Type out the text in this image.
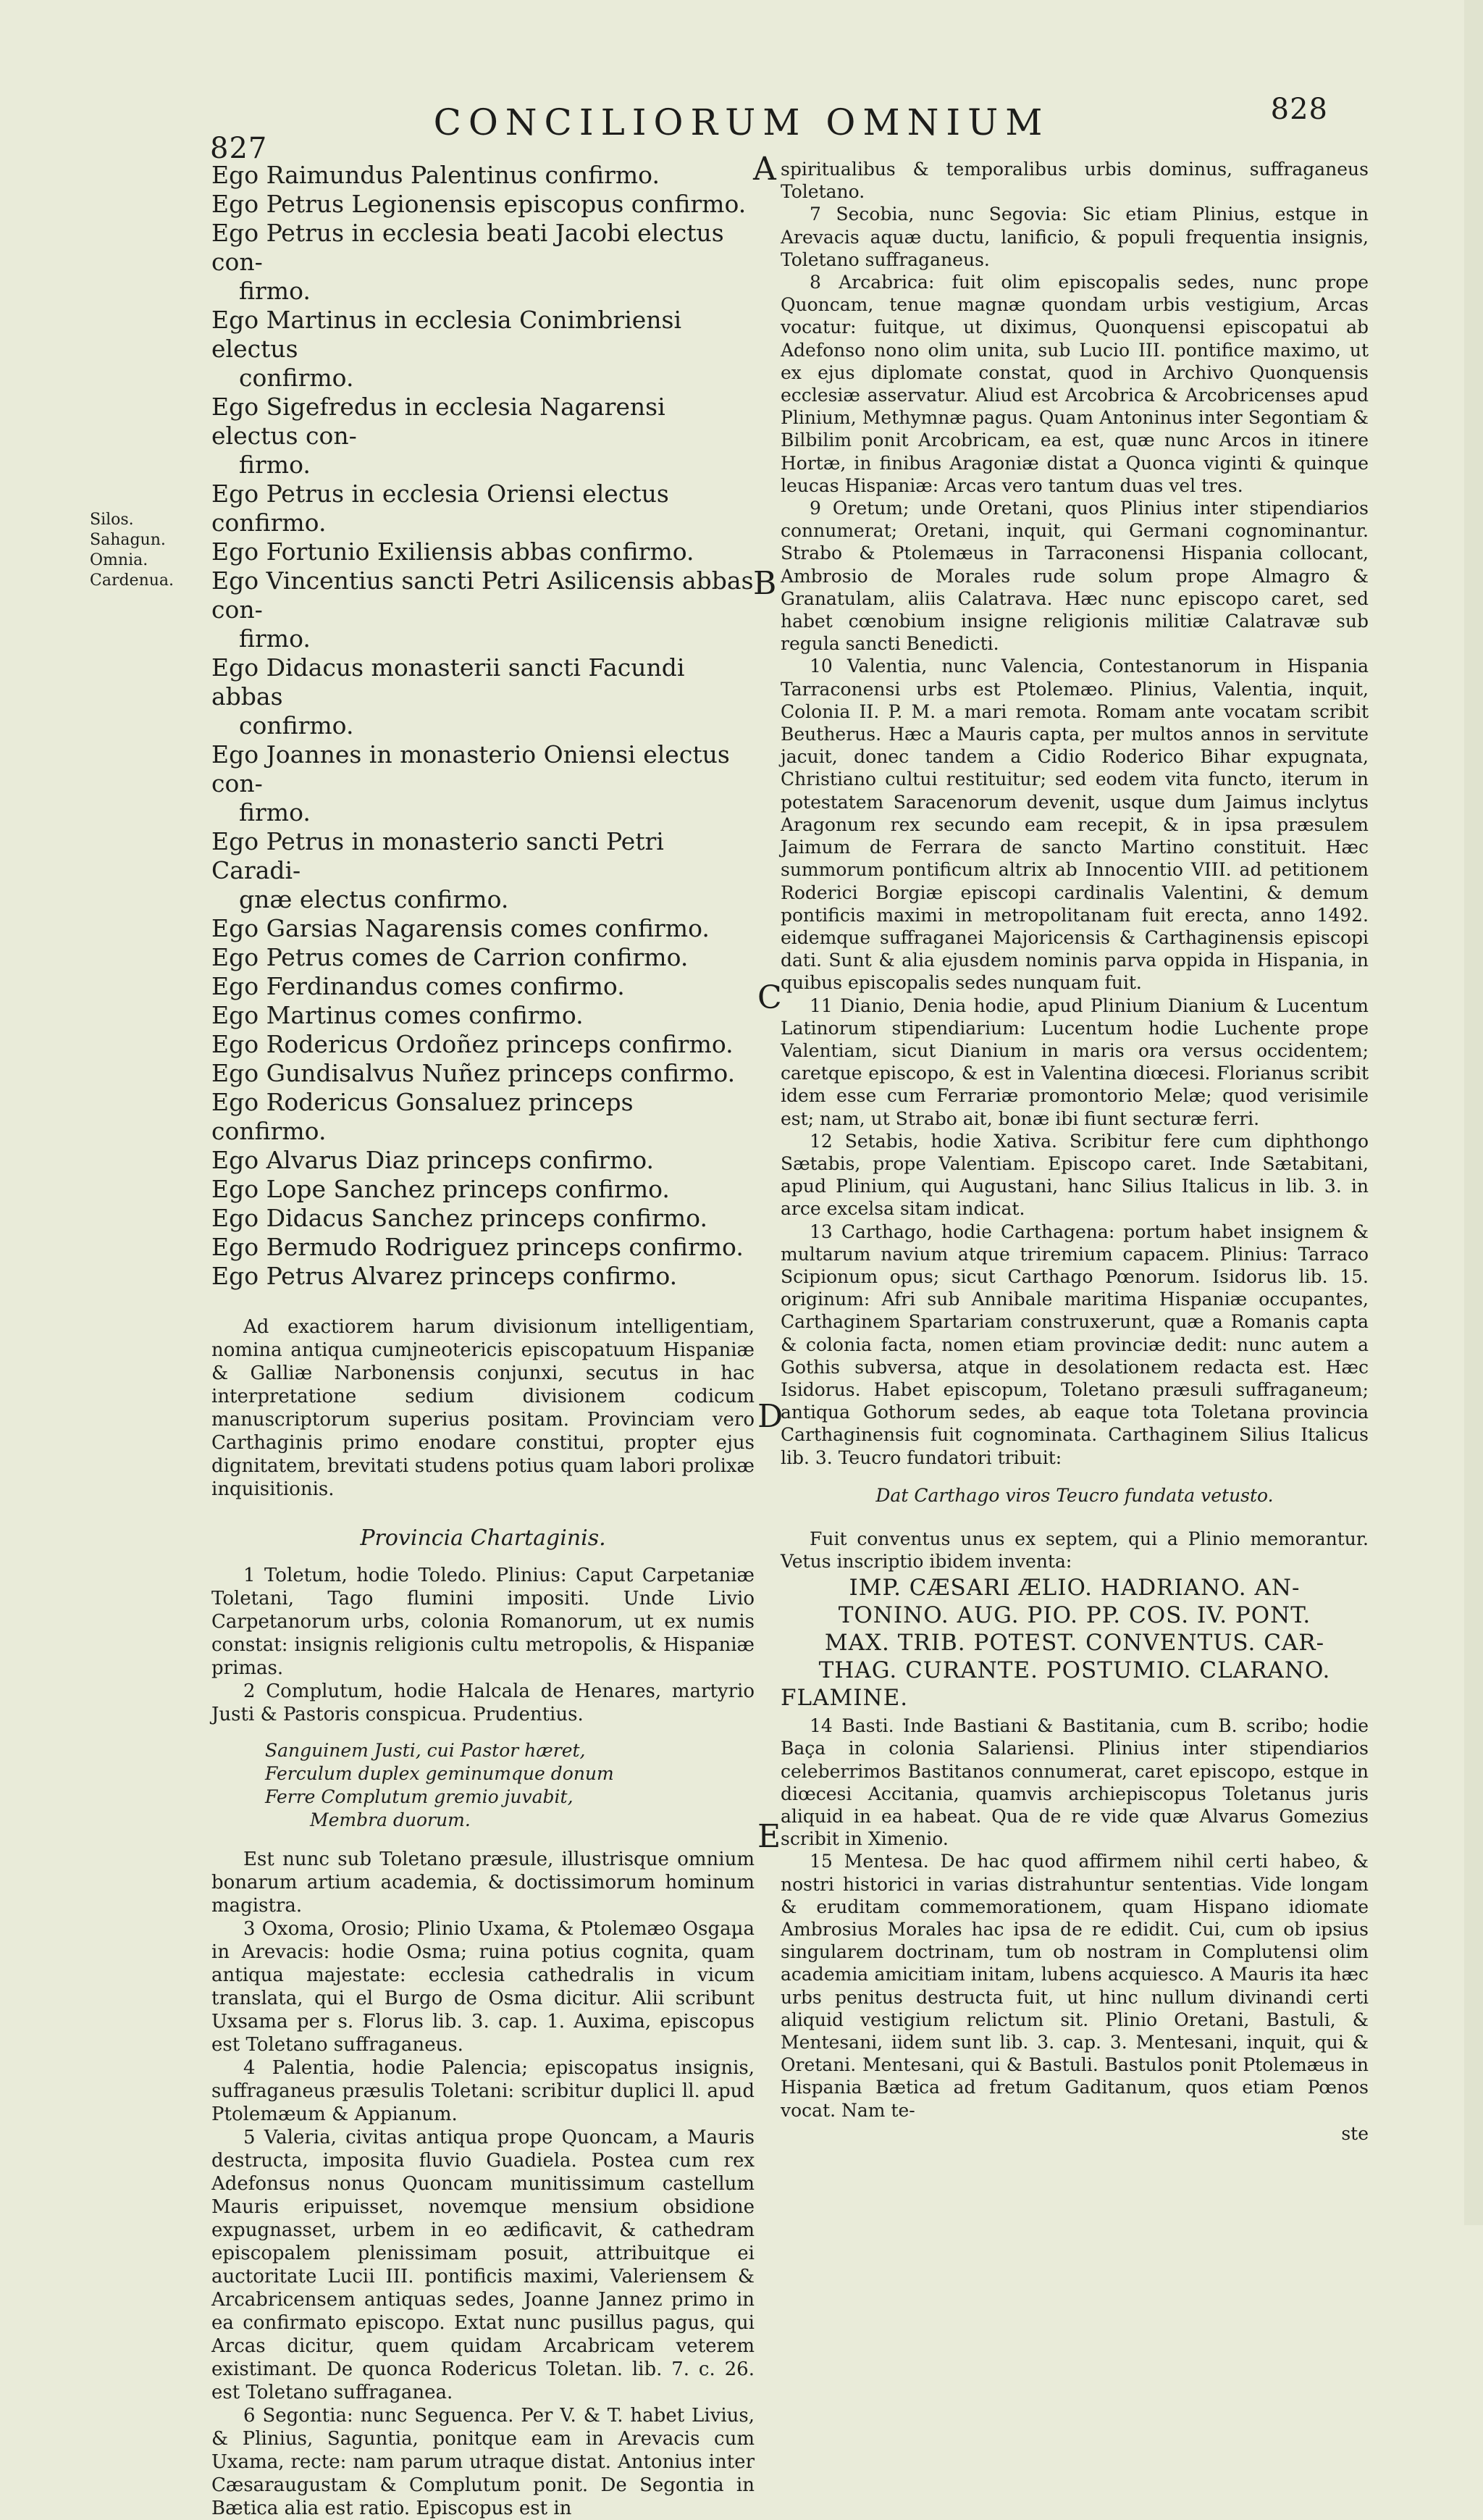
827
CONCILIORUM OMNIUM	828
Silos.
Sahagun.
Omnia.
Cardenua.
A
B
C
D
E
Ego Raimundus Palentinus confirmo.
Ego Petrus Legionensis episcopus confirmo.
Ego Petrus in ecclesia beati Jacobi electus con-
firmo.
Ego Martinus in ecclesia Conimbriensi electus
confirmo.
Ego Sigefredus in ecclesia Nagarensi electus con-
firmo.
Ego Petrus in ecclesia Oriensi electus confirmo.
Ego Fortunio Exiliensis abbas confirmo.
Ego Vincentius sancti Petri Asilicensis abbas con-
firmo.
Ego Didacus monasterii sancti Facundi abbas
confirmo.
Ego Joannes in monasterio Oniensi electus con-
firmo.
Ego Petrus in monasterio sancti Petri Caradi-
gnæ electus confirmo.
Ego Garsias Nagarensis comes confirmo.
Ego Petrus comes de Carrion confirmo.
Ego Ferdinandus comes confirmo.
Ego Martinus comes confirmo.
Ego Rodericus Ordoñez princeps confirmo.
Ego Gundisalvus Nuñez princeps confirmo.
Ego Rodericus Gonsaluez princeps confirmo.
Ego Alvarus Diaz princeps confirmo.
Ego Lope Sanchez princeps confirmo.
Ego Didacus Sanchez princeps confirmo.
Ego Bermudo Rodriguez princeps confirmo.
Ego Petrus Alvarez princeps confirmo.

Ad exactiorem harum divisionum intelligentiam, nomina antiqua cumjneotericis episcopatuum Hispaniæ & Galliæ Narbonensis conjunxi, secutus in hac interpretatione sedium divisionem codicum manuscriptorum superius positam. Provinciam vero Carthaginis primo enodare constitui, propter ejus dignitatem, brevitati studens potius quam labori prolixæ inquisitionis.

Provincia Chartaginis.

1 Toletum, hodie Toledo. Plinius: Caput Carpetaniæ Toletani, Tago flumini impositi. Unde Livio Carpetanorum urbs, colonia Romanorum, ut ex numis constat: insignis religionis cultu metropolis, & Hispaniæ primas.

2 Complutum, hodie Halcala de Henares, martyrio Justi & Pastoris conspicua. Prudentius.

Sanguinem Justi, cui Pastor hæret,
Ferculum duplex geminumque donum
Ferre Complutum gremio juvabit,
Membra duorum.

Est nunc sub Toletano præsule, illustrisque omnium bonarum artium academia, & doctissimorum hominum magistra.

3 Oxoma, Orosio; Plinio Uxama, & Ptolemæo Osgaµa in Arevacis: hodie Osma; ruina potius cognita, quam antiqua majestate: ecclesia cathedralis in vicum translata, qui el Burgo de Osma dicitur. Alii scribunt Uxsama per s. Florus lib. 3. cap. 1. Auxima, episcopus est Toletano suffraganeus.

4 Palentia, hodie Palencia; episcopatus insignis, suffraganeus præsulis Toletani: scribitur duplici ll. apud Ptolemæum & Appianum.

5 Valeria, civitas antiqua prope Quoncam, a Mauris destructa, imposita fluvio Guadiela. Postea cum rex Adefonsus nonus Quoncam munitissimum castellum Mauris eripuisset, novemque mensium obsidione expugnasset, urbem in eo ædificavit, & cathedram episcopalem plenissimam posuit, attribuitque ei auctoritate Lucii III. pontificis maximi, Valeriensem & Arcabricensem antiquas sedes, Joanne Jannez primo in ea confirmato episcopo. Extat nunc pusillus pagus, qui Arcas dicitur, quem quidam Arcabricam veterem existimant. De quonca Rodericus Toletan. lib. 7. c. 26. est Toletano suffraganea.

6 Segontia: nunc Seguenca. Per V. & T. habet Livius, & Plinius, Saguntia, ponitque eam in Arevacis cum Uxama, recte: nam parum utraque distat. Antonius inter Cæsaraugustam & Complutum ponit. De Segontia in Bætica alia est ratio. Episcopus est in

spiritualibus & temporalibus urbis dominus, suffraganeus Toletano.

7 Secobia, nunc Segovia: Sic etiam Plinius, estque in Arevacis aquæ ductu, lanificio, & populi frequentia insignis, Toletano suffraganeus.

8 Arcabrica: fuit olim episcopalis sedes, nunc prope Quoncam, tenue magnæ quondam urbis vestigium, Arcas vocatur: fuitque, ut diximus, Quonquensi episcopatui ab Adefonso nono olim unita, sub Lucio III. pontifice maximo, ut ex ejus diplomate constat, quod in Archivo Quonquensis ecclesiæ asservatur. Aliud est Arcobrica & Arcobricenses apud Plinium, Methymnæ pagus. Quam Antoninus inter Segontiam & Bilbilim ponit Arcobricam, ea est, quæ nunc Arcos in itinere Hortæ, in finibus Aragoniæ distat a Quonca viginti & quinque leucas Hispaniæ: Arcas vero tantum duas vel tres.

9 Oretum; unde Oretani, quos Plinius inter stipendiarios connumerat; Oretani, inquit, qui Germani cognominantur. Strabo & Ptolemæus in Tarraconensi Hispania collocant, Ambrosio de Morales rude solum prope Almagro & Granatulam, aliis Calatrava. Hæc nunc episcopo caret, sed habet cœnobium insigne religionis militiæ Calatravæ sub regula sancti Benedicti.

10 Valentia, nunc Valencia, Contestanorum in Hispania Tarraconensi urbs est Ptolemæo. Plinius, Valentia, inquit, Colonia II. P. M. a mari remota. Romam ante vocatam scribit Beutherus. Hæc a Mauris capta, per multos annos in servitute jacuit, donec tandem a Cidio Roderico Bihar expugnata, Christiano cultui restituitur; sed eodem vita functo, iterum in potestatem Saracenorum devenit, usque dum Jaimus inclytus Aragonum rex secundo eam recepit, & in ipsa præsulem Jaimum de Ferrara de sancto Martino constituit. Hæc summorum pontificum altrix ab Innocentio VIII. ad petitionem Roderici Borgiæ episcopi cardinalis Valentini, & demum pontificis maximi in metropolitanam fuit erecta, anno 1492. eidemque suffraganei Majoricensis & Carthaginensis episcopi dati. Sunt & alia ejusdem nominis parva oppida in Hispania, in quibus episcopalis sedes nunquam fuit.

11 Dianio, Denia hodie, apud Plinium Dianium & Lucentum Latinorum stipendiarium: Lucentum hodie Luchente prope Valentiam, sicut Dianium in maris ora versus occidentem; caretque episcopo, & est in Valentina diœcesi. Florianus scribit idem esse cum Ferrariæ promontorio Melæ; quod verisimile est; nam, ut Strabo ait, bonæ ibi fiunt secturæ ferri.

12 Setabis, hodie Xativa. Scribitur fere cum diphthongo Sætabis, prope Valentiam. Episcopo caret. Inde Sætabitani, apud Plinium, qui Augustani, hanc Silius Italicus in lib. 3. in arce excelsa sitam indicat.

13 Carthago, hodie Carthagena: portum habet insignem & multarum navium atque triremium capacem. Plinius: Tarraco Scipionum opus; sicut Carthago Pœnorum. Isidorus lib. 15. originum: Afri sub Annibale maritima Hispaniæ occupantes, Carthaginem Spartariam construxerunt, quæ a Romanis capta & colonia facta, nomen etiam provinciæ dedit: nunc autem a Gothis subversa, atque in desolationem redacta est. Hæc Isidorus. Habet episcopum, Toletano præsuli suffraganeum; antiqua Gothorum sedes, ab eaque tota Toletana provincia Carthaginensis fuit cognominata. Carthaginem Silius Italicus lib. 3. Teucro fundatori tribuit:

Dat Carthago viros Teucro fundata vetusto.

Fuit conventus unus ex septem, qui a Plinio memorantur. Vetus inscriptio ibidem inventa:

IMP. CÆSARI ÆLIO. HADRIANO. AN-
TONINO. AUG. PIO. PP. COS. IV. PONT.
MAX. TRIB. POTEST. CONVENTUS. CAR-
THAG. CURANTE. POSTUMIO. CLARANO.
FLAMINE.

14 Basti. Inde Bastiani & Bastitania, cum B. scribo; hodie Baça in colonia Salariensi. Plinius inter stipendiarios celeberrimos Bastitanos connumerat, caret episcopo, estque in diœcesi Accitania, quamvis archiepiscopus Toletanus juris aliquid in ea habeat. Qua de re vide quæ Alvarus Gomezius scribit in Ximenio.

15 Mentesa. De hac quod affirmem nihil certi habeo, & nostri historici in varias distrahuntur sententias. Vide longam & eruditam commemorationem, quam Hispano idiomate Ambrosius Morales hac ipsa de re edidit. Cui, cum ob ipsius singularem doctrinam, tum ob nostram in Complutensi olim academia amicitiam initam, lubens acquiesco. A Mauris ita hæc urbs penitus destructa fuit, ut hinc nullum divinandi certi aliquid vestigium relictum sit. Plinio Oretani, Bastuli, & Mentesani, iidem sunt lib. 3. cap. 3. Mentesani, inquit, qui & Oretani. Mentesani, qui & Bastuli. Bastulos ponit Ptolemæus in Hispania Bætica ad fretum Gaditanum, quos etiam Pœnos vocat. Nam te-

ste
